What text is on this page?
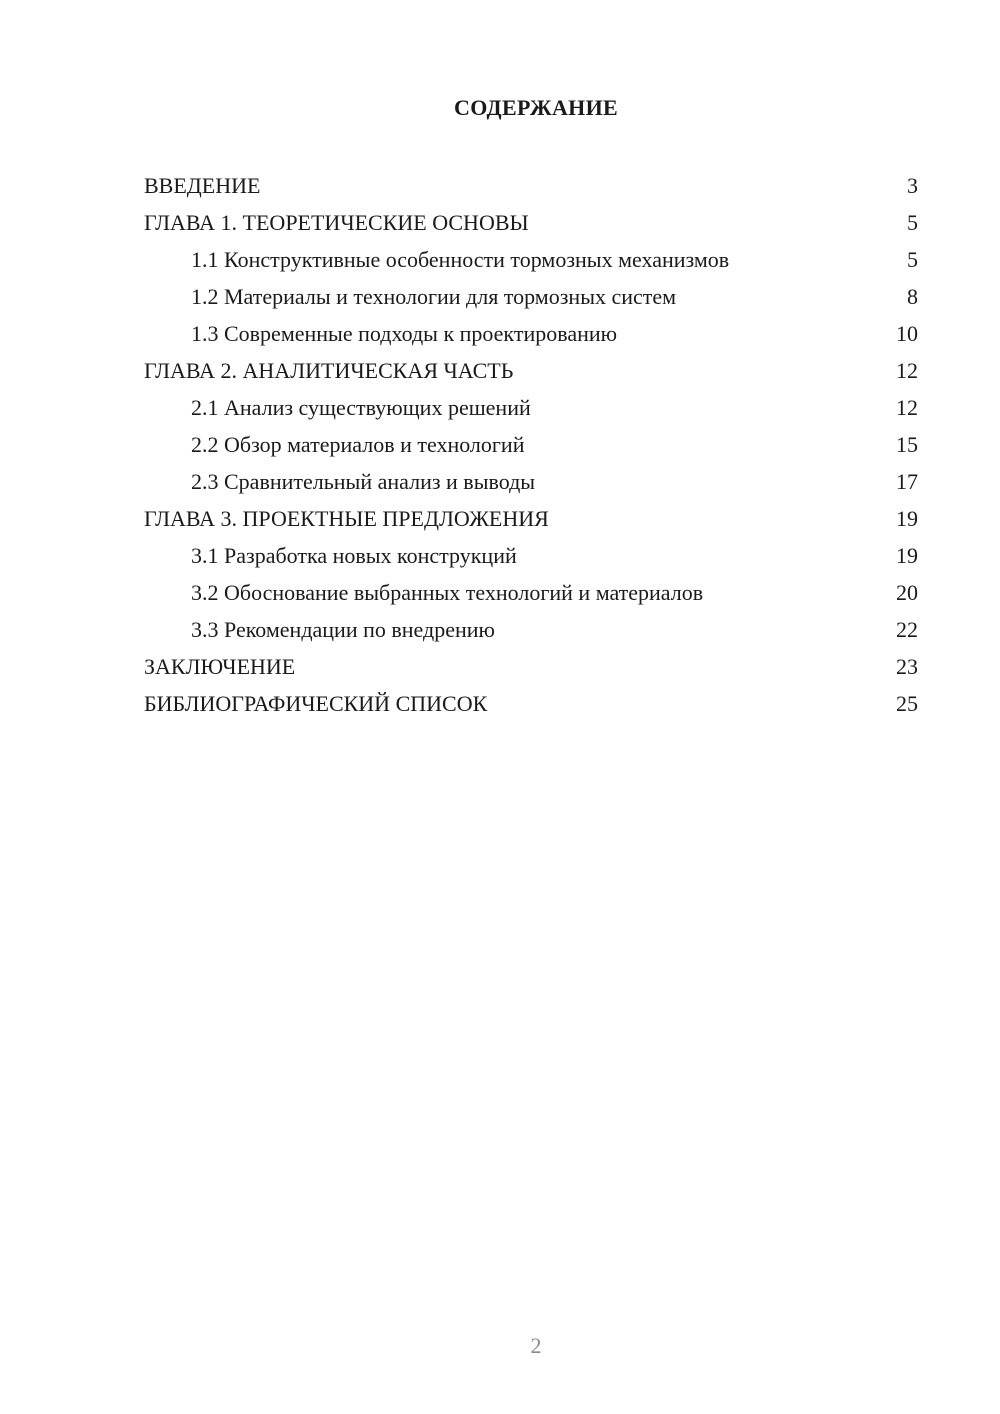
СОДЕРЖАНИЕ
ВВЕДЕНИЕ	3
ГЛАВА 1. ТЕОРЕТИЧЕСКИЕ ОСНОВЫ	5
1.1 Конструктивные особенности тормозных механизмов	5
1.2 Материалы и технологии для тормозных систем	8
1.3 Современные подходы к проектированию	10
ГЛАВА 2. АНАЛИТИЧЕСКАЯ ЧАСТЬ	12
2.1 Анализ существующих решений	12
2.2 Обзор материалов и технологий	15
2.3 Сравнительный анализ и выводы	17
ГЛАВА 3. ПРОЕКТНЫЕ ПРЕДЛОЖЕНИЯ	19
3.1 Разработка новых конструкций	19
3.2 Обоснование выбранных технологий и материалов	20
3.3 Рекомендации по внедрению	22
ЗАКЛЮЧЕНИЕ	23
БИБЛИОГРАФИЧЕСКИЙ СПИСОК	25
2
